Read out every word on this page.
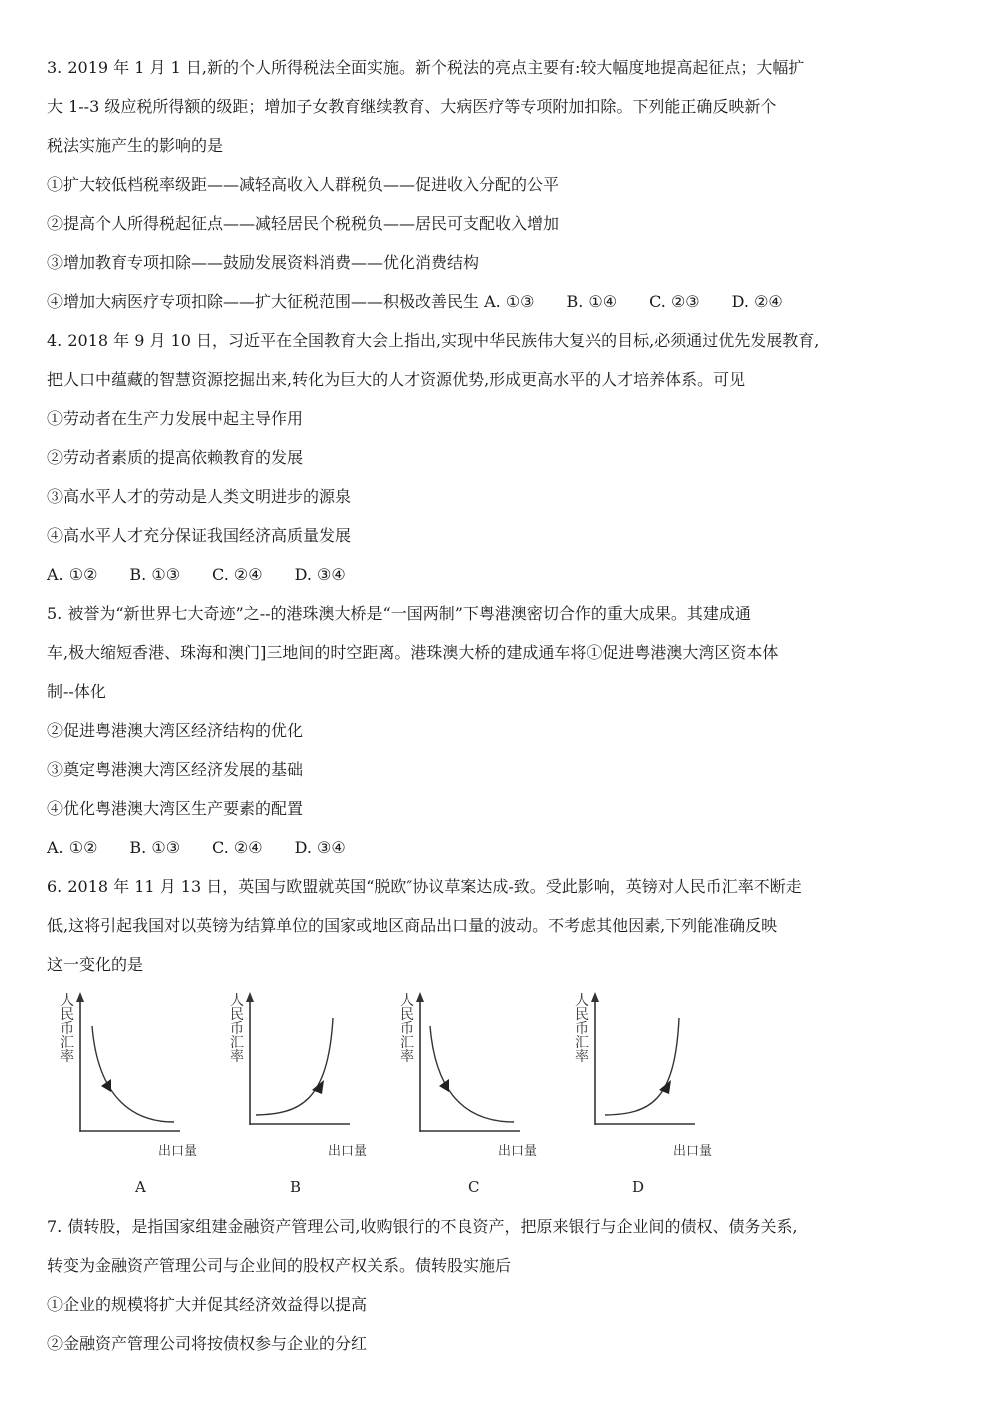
3. 2019 年 1 月 1 日,新的个人所得税法全面实施。新个税法的亮点主要有:较大幅度地提高起征点；大幅扩
大 1--3 级应税所得额的级距；增加子女教育继续教育、大病医疗等专项附加扣除。下列能正确反映新个
税法实施产生的影响的是
①扩大较低档税率级距——减轻高收入人群税负——促进收入分配的公平
②提高个人所得税起征点——减轻居民个税税负——居民可支配收入增加
③增加教育专项扣除——鼓励发展资料消费——优化消费结构
④增加大病医疗专项扣除——扩大征税范围——积极改善民生 A. ①③　　B. ①④　　C. ②③　　D. ②④
4. 2018 年 9 月 10 日，习近平在全国教育大会上指出,实现中华民族伟大复兴的目标,必须通过优先发展教育,
把人口中蕴藏的智慧资源挖掘出来,转化为巨大的人才资源优势,形成更高水平的人才培养体系。可见
①劳动者在生产力发展中起主导作用
②劳动者素质的提高依赖教育的发展
③高水平人才的劳动是人类文明进步的源泉
④高水平人才充分保证我国经济高质量发展
A. ①②　　B. ①③　　C. ②④　　D. ③④
5. 被誉为“新世界七大奇迹”之--的港珠澳大桥是“一国两制”下粤港澳密切合作的重大成果。其建成通
车,极大缩短香港、珠海和澳门]三地间的时空距离。港珠澳大桥的建成通车将①促进粤港澳大湾区资本体
制--体化
②促进粤港澳大湾区经济结构的优化
③奠定粤港澳大湾区经济发展的基础
④优化粤港澳大湾区生产要素的配置
A. ①②　　B. ①③　　C. ②④　　D. ③④
6. 2018 年 11 月 13 日，英国与欧盟就英国“脱欧″协议草案达成-致。受此影响，英镑对人民币汇率不断走
低,这将引起我国对以英镑为结算单位的国家或地区商品出口量的波动。不考虑其他因素,下列能准确反映
这一变化的是
人民币汇率
出口量
A
人民币汇率
出口量
B
人民币汇率
出口量
C
人民币汇率
出口量
D
7. 债转股，是指国家组建金融资产管理公司,收购银行的不良资产，把原来银行与企业间的债权、债务关系,
转变为金融资产管理公司与企业间的股权产权关系。债转股实施后
①企业的规模将扩大并促其经济效益得以提高
②金融资产管理公司将按债权参与企业的分红
